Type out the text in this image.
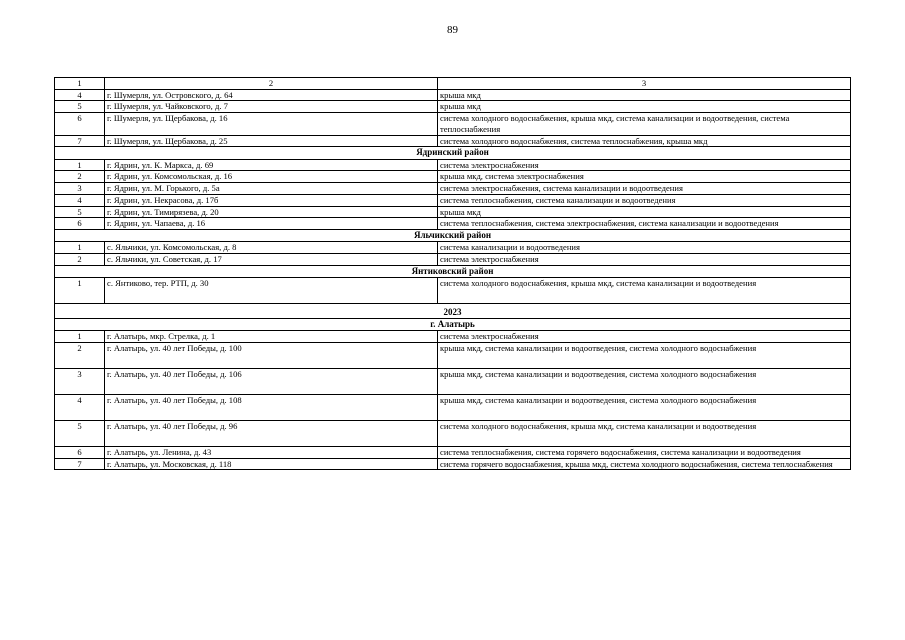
89
1	2	3
4	г. Шумерля, ул. Островского, д. 64	крыша мкд
5	г. Шумерля, ул. Чайковского, д. 7	крыша мкд
6	г. Шумерля, ул. Щербакова, д. 16	система холодного водоснабжения, крыша мкд, система канализации и водоотведения, система теплоснабжения
7	г. Шумерля, ул. Щербакова, д. 25	система холодного водоснабжения, система теплоснабжения, крыша мкд
Ядринский район		
1	г. Ядрин, ул. К. Маркса, д. 69	система электроснабжения
2	г. Ядрин, ул. Комсомольская, д. 16	крыша мкд, система электроснабжения
3	г. Ядрин, ул. М. Горького, д. 5а	система электроснабжения, система канализации и водоотведения
4	г. Ядрин, ул. Некрасова, д. 17б	система теплоснабжения, система канализации и водоотведения
5	г. Ядрин, ул. Тимирязева, д. 20	крыша мкд
6	г. Ядрин, ул. Чапаева, д. 16	система теплоснабжения, система электроснабжения, система канализации и водоотведения
Яльчикский район		
1	с. Яльчики, ул. Комсомольская, д. 8	система канализации и водоотведения
2	с. Яльчики, ул. Советская, д. 17	система электроснабжения
Янтиковский район		
1	с. Янтиково, тер. РТП, д. 30	система холодного водоснабжения, крыша мкд, система канализации и водоотведения
2023		
г. Алатырь		
1	г. Алатырь, мкр. Стрелка, д. 1	система электроснабжения
2	г. Алатырь, ул. 40 лет Победы, д. 100	крыша мкд, система канализации и водоотведения, система холодного водоснабжения
3	г. Алатырь, ул. 40 лет Победы, д. 106	крыша мкд, система канализации и водоотведения, система холодного водоснабжения
4	г. Алатырь, ул. 40 лет Победы, д. 108	крыша мкд, система канализации и водоотведения, система холодного водоснабжения
5	г. Алатырь, ул. 40 лет Победы, д. 96	система холодного водоснабжения, крыша мкд, система канализации и водоотведения
6	г. Алатырь, ул. Ленина, д. 43	система теплоснабжения, система горячего водоснабжения, система канализации и водоотведения
7	г. Алатырь, ул. Московская, д. 118	система горячего водоснабжения, крыша мкд, система холодного водоснабжения, система теплоснабжения
